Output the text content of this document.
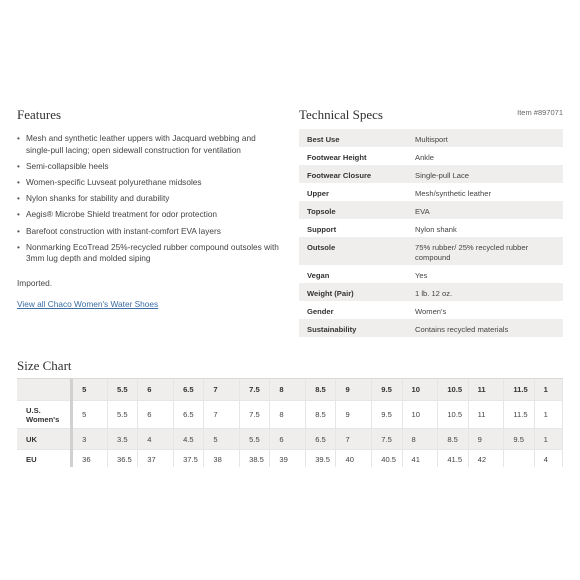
Features
• Mesh and synthetic leather uppers with Jacquard webbing and single-pull lacing; open sidewall construction for ventilation
• Semi-collapsible heels
• Women-specific Luvseat polyurethane midsoles
• Nylon shanks for stability and durability
• Aegis® Microbe Shield treatment for odor protection
• Barefoot construction with instant-comfort EVA layers
• Nonmarking EcoTread 25%-recycled rubber compound outsoles with 3mm lug depth and molded siping
Imported.
View all Chaco Women's Water Shoes
Technical Specs	Item #897071
Best Use	Multisport
Footwear Height	Ankle
Footwear Closure	Single-pull Lace
Upper	Mesh/synthetic leather
Topsole	EVA
Support	Nylon shank
Outsole	75% rubber/ 25% recycled rubber compound
Vegan	Yes
Weight (Pair)	1 lb. 12 oz.
Gender	Women's
Sustainability	Contains recycled materials
Size Chart
	5	5.5	6	6.5	7	7.5	8	8.5	9	9.5	10	10.5	11	11.5	1

U.S.
Women's	5	5.5	6	6.5	7	7.5	8	8.5	9	9.5	10	10.5	11	11.5	1

UK	3	3.5	4	4.5	5	5.5	6	6.5	7	7.5	8	8.5	9	9.5	1

EU	36	36.5	37	37.5	38	38.5	39	39.5	40	40.5	41	41.5	42		4
